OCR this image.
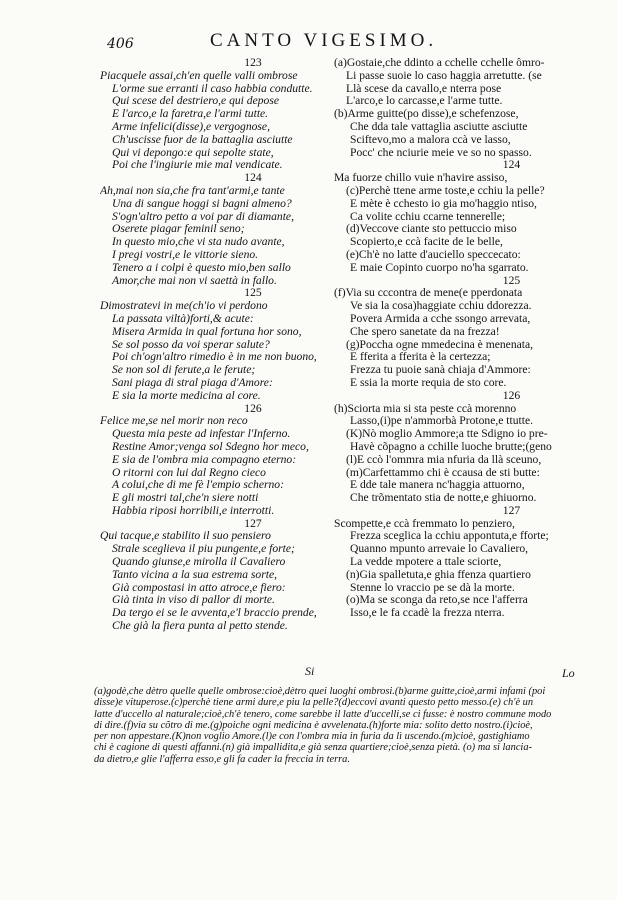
406	CANTO VIGESIMO.
123
Piacquele assai,ch'en quelle valli ombrose
L'orme sue erranti il caso habbia condutte.
Qui scese del destriero,e qui depose
E l'arco,e la faretra,e l'armi tutte.
Arme infelici(disse),e vergognose,
Ch'uscisse fuor de la battaglia asciutte
Qui vi depongo:e qui sepolte state,
Poi che l'ingiurie mie mal vendicate.
124
Ah,mai non sia,che fra tant'armi,e tante
Una di sangue hoggi si bagni almeno?
S'ogn'altro petto a voi par di diamante,
Oserete piagar feminil seno;
In questo mio,che vi sta nudo avante,
I pregi vostri,e le vittorie sieno.
Tenero a i colpi è questo mio,ben sallo
Amor,che mai non vi saettà in fallo.
125
Dimostratevi in me(ch'io vi perdono
La passata viltà)forti,& acute:
Misera Armida in qual fortuna hor sono,
Se sol posso da voi sperar salute?
Poi ch'ogn'altro rimedio è in me non buono,
Se non sol di ferute,a le ferute;
Sani piaga di stral piaga d'Amore:
E sia la morte medicina al core.
126
Felice me,se nel morir non reco
Questa mia peste ad infestar l'Inferno.
Restine Amor;venga sol Sdegno hor meco,
E sia de l'ombra mia compagno eterno:
O ritorni con lui dal Regno cieco
A colui,che di me fè l'empio scherno:
E gli mostri tal,che'n siere notti
Habbia riposi horribili,e interrotti.
127
Qui tacque,e stabilito il suo pensiero
Strale sceglieva il piu pungente,e forte;
Quando giunse,e mirolla il Cavaliero
Tanto vicina a la sua estrema sorte,
Già compostasi in atto atroce,e fiero:
Già tinta in viso di pallor di morte.
Da tergo ei se le avventa,e'l braccio prende,
Che già la fiera punta al petto stende.
(a)Gostaie,che ddinto a cchelle cchelle ômro-
Li passe suoie lo caso haggia arretutte. (se
Llà scese da cavallo,e nterra pose
L'arco,e lo carcasse,e l'arme tutte.
(b)Arme guitte(po disse),e schefenzose,
Che dda tale vattaglia asciutte asciutte
Sciftevo,mo a malora ccà ve lasso,
Pocc' che nciurie meie ve so no spasso.
124
Ma fuorze chillo vuie n'havire assiso,
(c)Perchè ttene arme toste,e cchiu la pelle?
E mète è cchesto io gia mo'haggio ntiso,
Ca volite cchiu ccarne tennerelle;
(d)Veccove ciante sto pettuccio miso
Scopierto,e ccà facite de le belle,
(e)Ch'è no latte d'auciello speccecato:
E maie Copinto cuorpo no'ha sgarrato.
125
(f)Via su cccontra de mene(e pperdonata
Ve sia la cosa)haggiate cchiu ddorezza.
Povera Armida a cche ssongo arrevata,
Che spero sanetate da na frezza!
(g)Poccha ogne mmedecina è menenata,
E fferita a fferita è la certezza;
Frezza tu puoie sanà chiaja d'Ammore:
E ssia la morte requia de sto core.
126
(h)Sciorta mia si sta peste ccà morenno
Lasso,(i)pe n'ammorbà Protone,e ttutte.
(K)Nò moglio Ammore;a tte Sdigno io pre-
Havè cõpagno a cchille luoche brutte;(geno
(l)E ccò l'ommra mia nfuria da llà sceuno,
(m)Carfettammo chi è ccausa de sti butte:
E dde tale manera nc'haggia attuorno,
Che trõmentato stia de notte,e ghiuorno.
127
Scompette,e ccà fremmato lo penziero,
Frezza sceglica la cchiu appontuta,e fforte;
Quanno mpunto arrevaie lo Cavaliero,
La vedde mpotere a ttale sciorte,
(n)Gia spalletuta,e ghia ffenza quartiero
Stenne lo vraccio pe se dà la morte.
(o)Ma se sconga da reto,se nce l'afferra
Isso,e le fa ccadè la frezza nterra.
Si	Lo
(a)godè,che dètro quelle quelle ombrose:cioè,dètro quei luoghi ombrosi.(b)arme guitte,cioè,armi infami (poi
disse)e vituperose.(c)perchè tiene armi dure,e piu la pelle?(d)eccovi avanti questo petto messo.(e) ch'è un
latte d'uccello al naturale;cioè,ch'è tenero, come sarebbe il latte d'uccelli,se ci fusse: è nostro commune modo
di dire.(f)via su cõtro di me.(g)poiche ogni medicina è avvelenata.(h)forte mia: solito detto nostro.(i)cioè,
per non appestare.(K)non voglio Amore.(l)e con l'ombra mia in furia da lì uscendo.(m)cioè, gastighiamo
chi è cagione di questi affanni.(n) già impallidita,e già senza quartiere;cioè,senza pietà. (o) ma si lancia-
da dietro,e glie l'afferra esso,e gli fa cader la freccia in terra.
